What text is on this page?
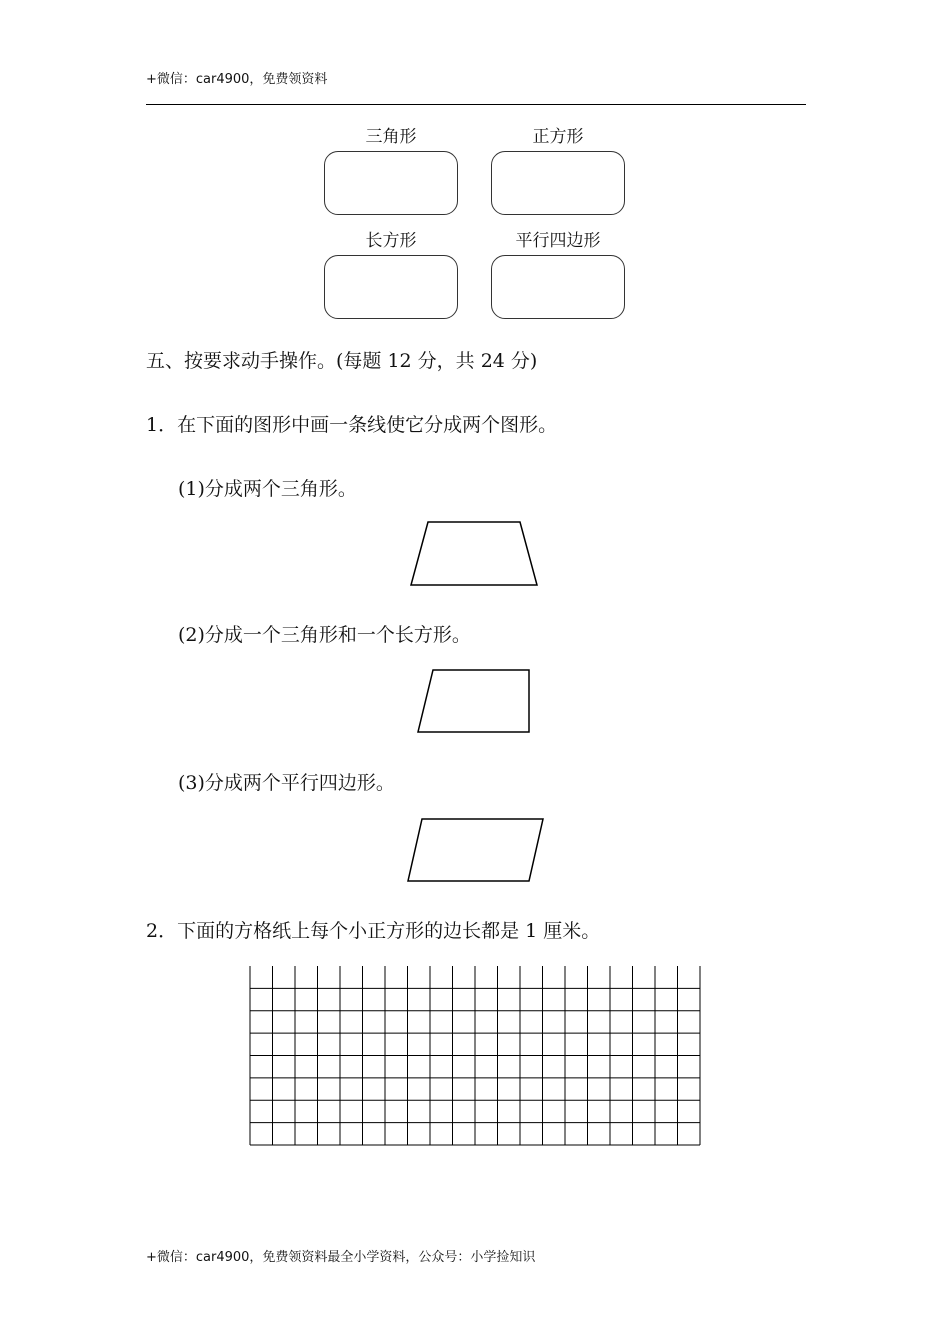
+微信：car4900，免费领资料
三角形	正方形
长方形	平行四边形
五、按要求动手操作。(每题 12 分，共 24 分)
1．在下面的图形中画一条线使它分成两个图形。
(1)分成两个三角形。
(2)分成一个三角形和一个长方形。
(3)分成两个平行四边形。
2．下面的方格纸上每个小正方形的边长都是 1 厘米。
+微信：car4900，免费领资料最全小学资料，公众号：小学捡知识
